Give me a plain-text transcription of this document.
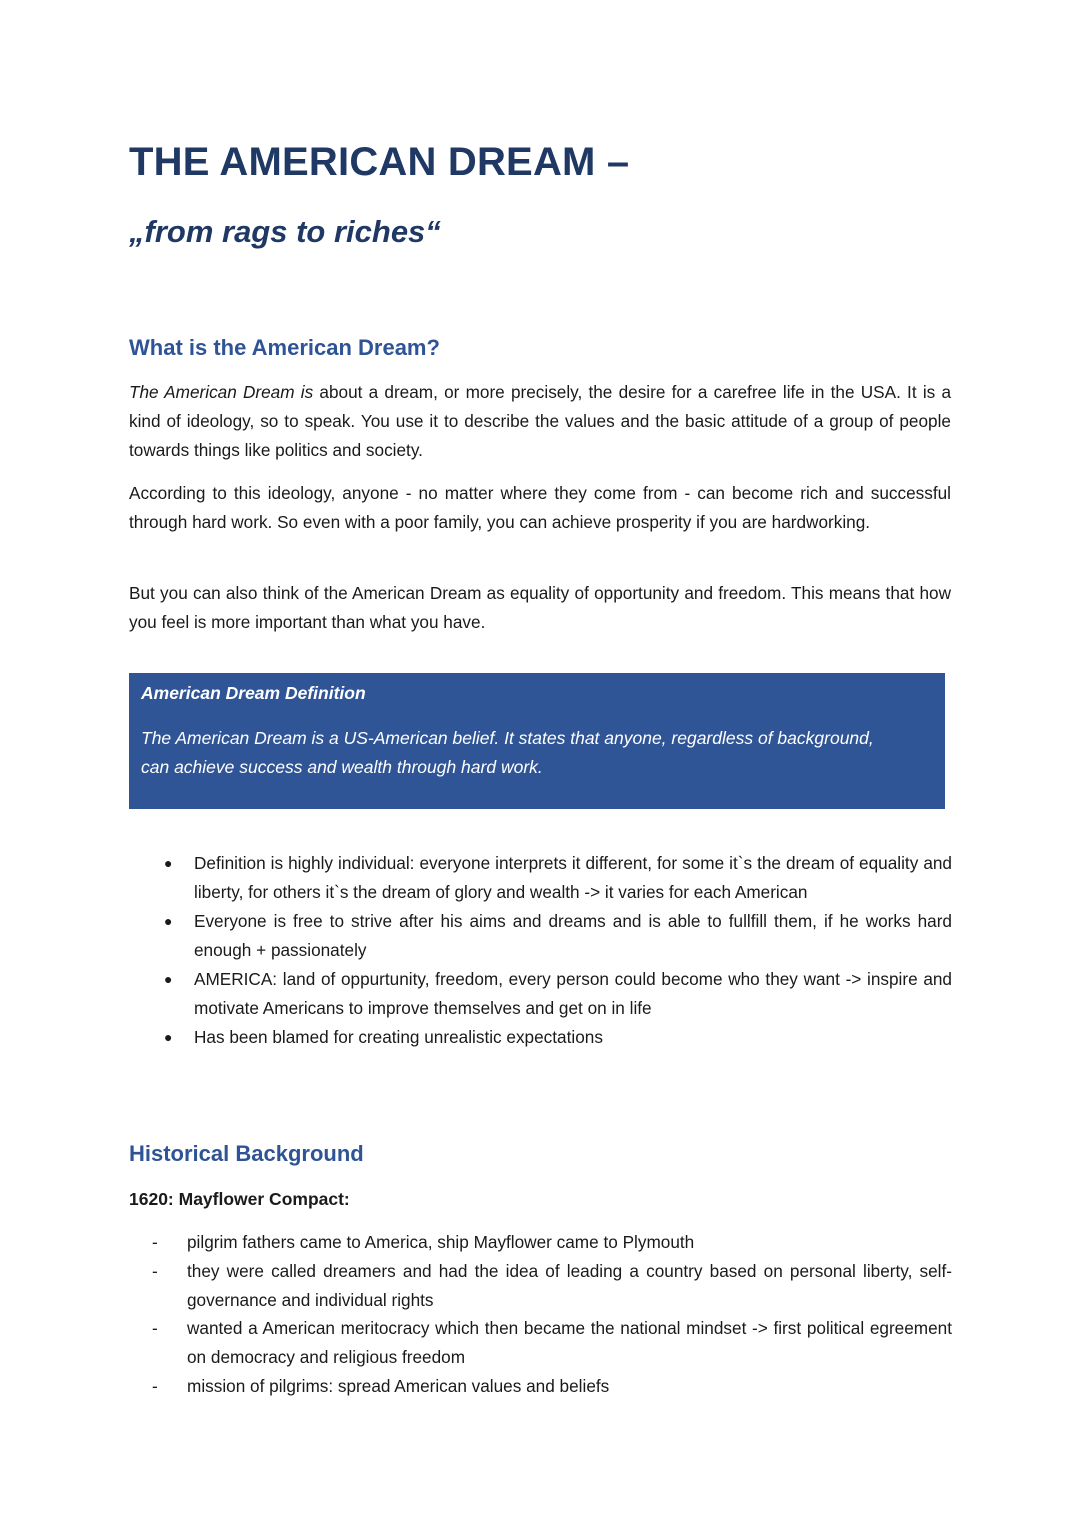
THE AMERICAN DREAM –
„from rags to riches“
What is the American Dream?

The American Dream is about a dream, or more precisely, the desire for a carefree life in the USA. It is a kind of ideology, so to speak. You use it to describe the values and the basic attitude of a group of people towards things like politics and society.

According to this ideology, anyone - no matter where they come from - can become rich and successful through hard work. So even with a poor family, you can achieve prosperity if you are hardworking.

But you can also think of the American Dream as equality of opportunity and freedom. This means that how you feel is more important than what you have.

American Dream Definition

The American Dream is a US-American belief. It states that anyone, regardless of background, can achieve success and wealth through hard work.

● Definition is highly individual: everyone interprets it different, for some it`s the dream of equality and liberty, for others it`s the dream of glory and wealth -> it varies for each American
● Everyone is free to strive after his aims and dreams and is able to fullfill them, if he works hard enough + passionately
● AMERICA: land of oppurtunity, freedom, every person could become who they want -> inspire and motivate Americans to improve themselves and get on in life
● Has been blamed for creating unrealistic expectations
Historical Background

1620: Mayflower Compact:

- pilgrim fathers came to America, ship Mayflower came to Plymouth
- they were called dreamers and had the idea of leading a country based on personal liberty, self-governance and individual rights
- wanted a American meritocracy which then became the national mindset -> first political egreement on democracy and religious freedom
- mission of pilgrims: spread American values and beliefs
